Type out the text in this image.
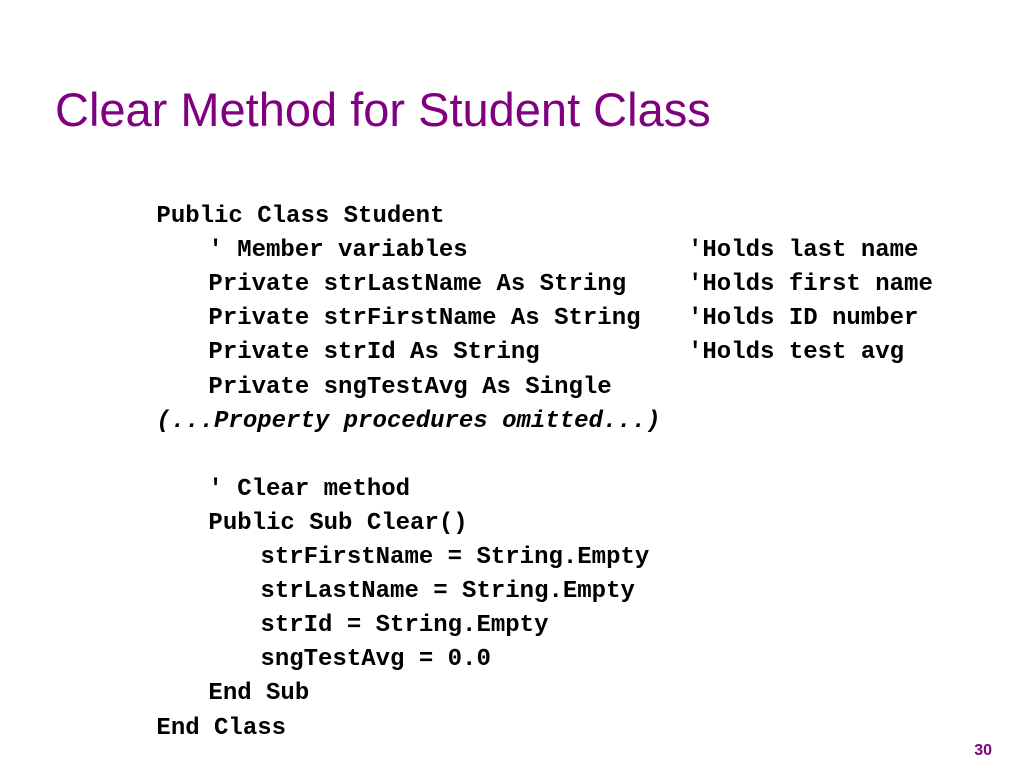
Clear Method for Student Class

Public Class Student

' Member variables

Private strLastName As String

'Holds last name

Private strFirstName As String

'Holds first name

Private strId As String

'Holds ID number

Private sngTestAvg As Single

'Holds test avg

(...Property procedures omitted...)

' Clear method

Public Sub Clear()

strFirstName = String.Empty

strLastName = String.Empty

strId = String.Empty

sngTestAvg = 0.0

End Sub

End Class

30
